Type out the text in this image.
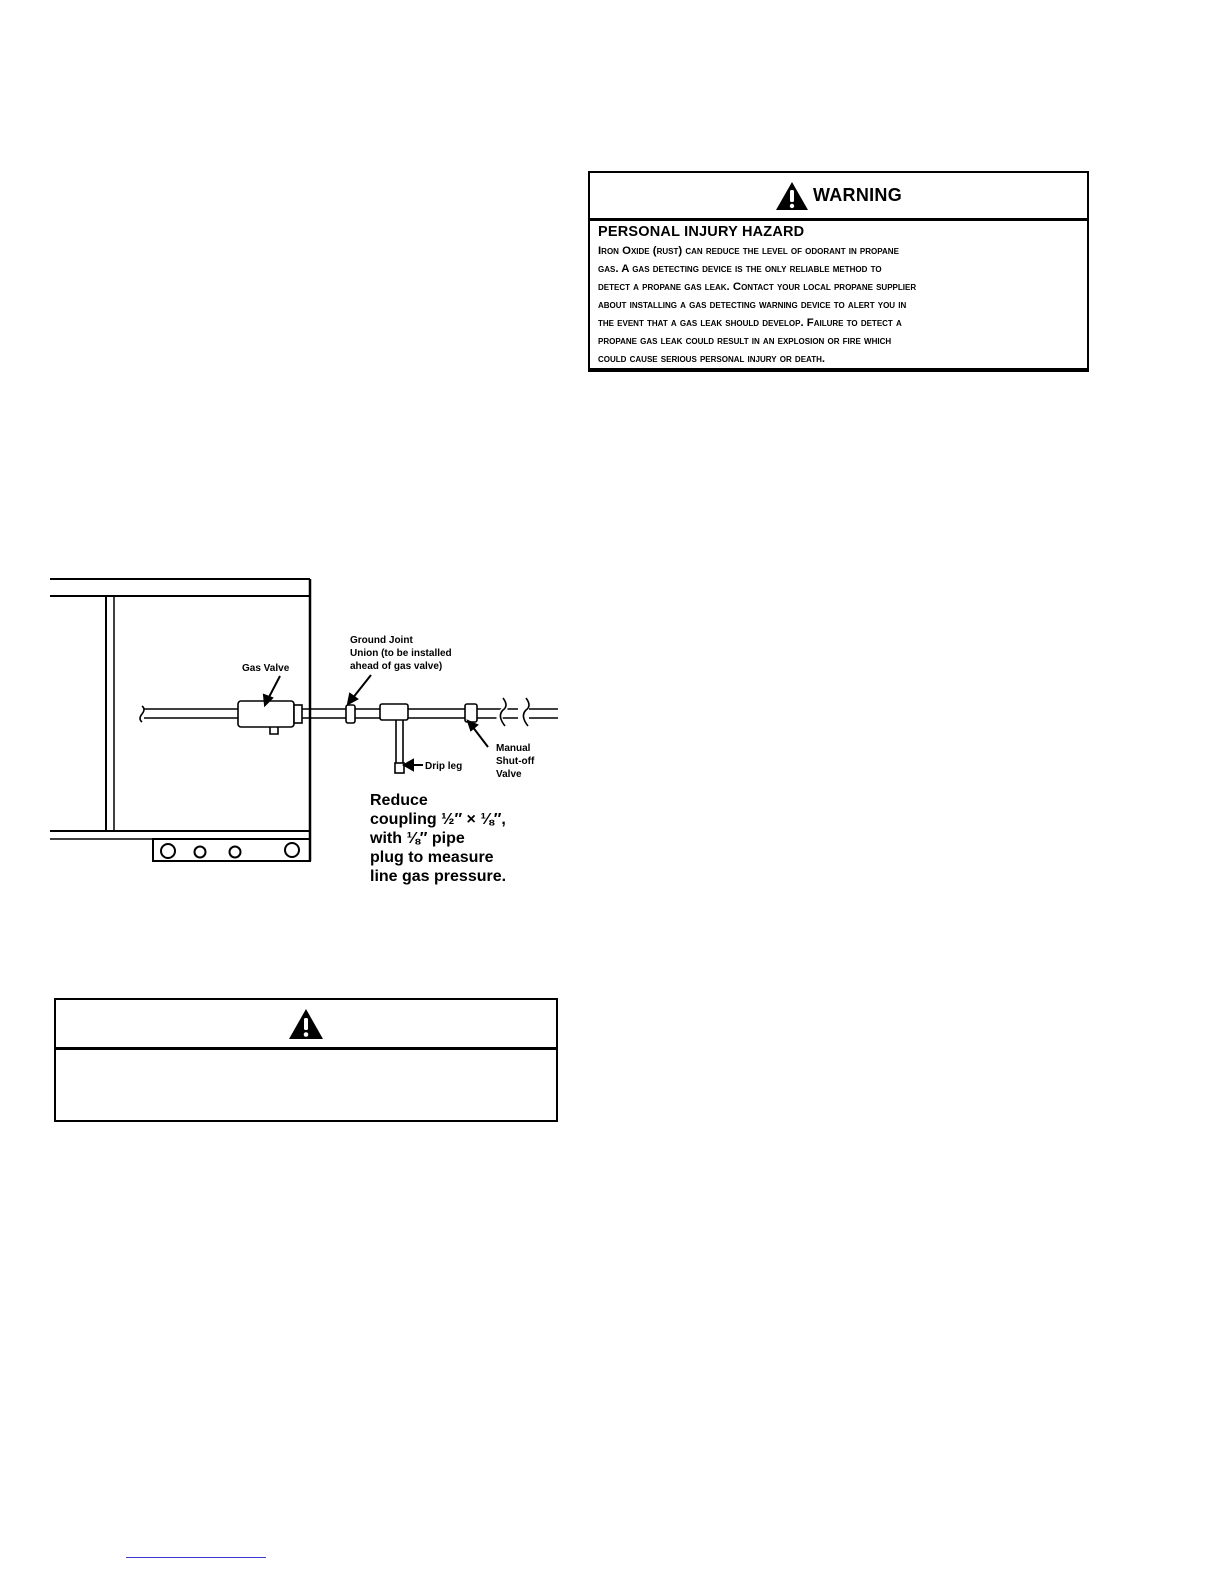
WARNING
PERSONAL INJURY HAZARD
Iron Oxide (rust) can reduce the level of odorant in propane
gas. A gas detecting device is the only reliable method to
detect a propane gas leak. Contact your local propane supplier
about installing a gas detecting warning device to alert you in
the event that a gas leak should develop. Failure to detect a
propane gas leak could result in an explosion or fire which
could cause serious personal injury or death.
Gas Valve
Ground Joint
Union (to be installed
ahead of gas valve)
Drip leg
Manual
Shut-off
Valve
Reduce
coupling ½″ × ⅛″,
with ⅛″ pipe
plug to measure
line gas pressure.
